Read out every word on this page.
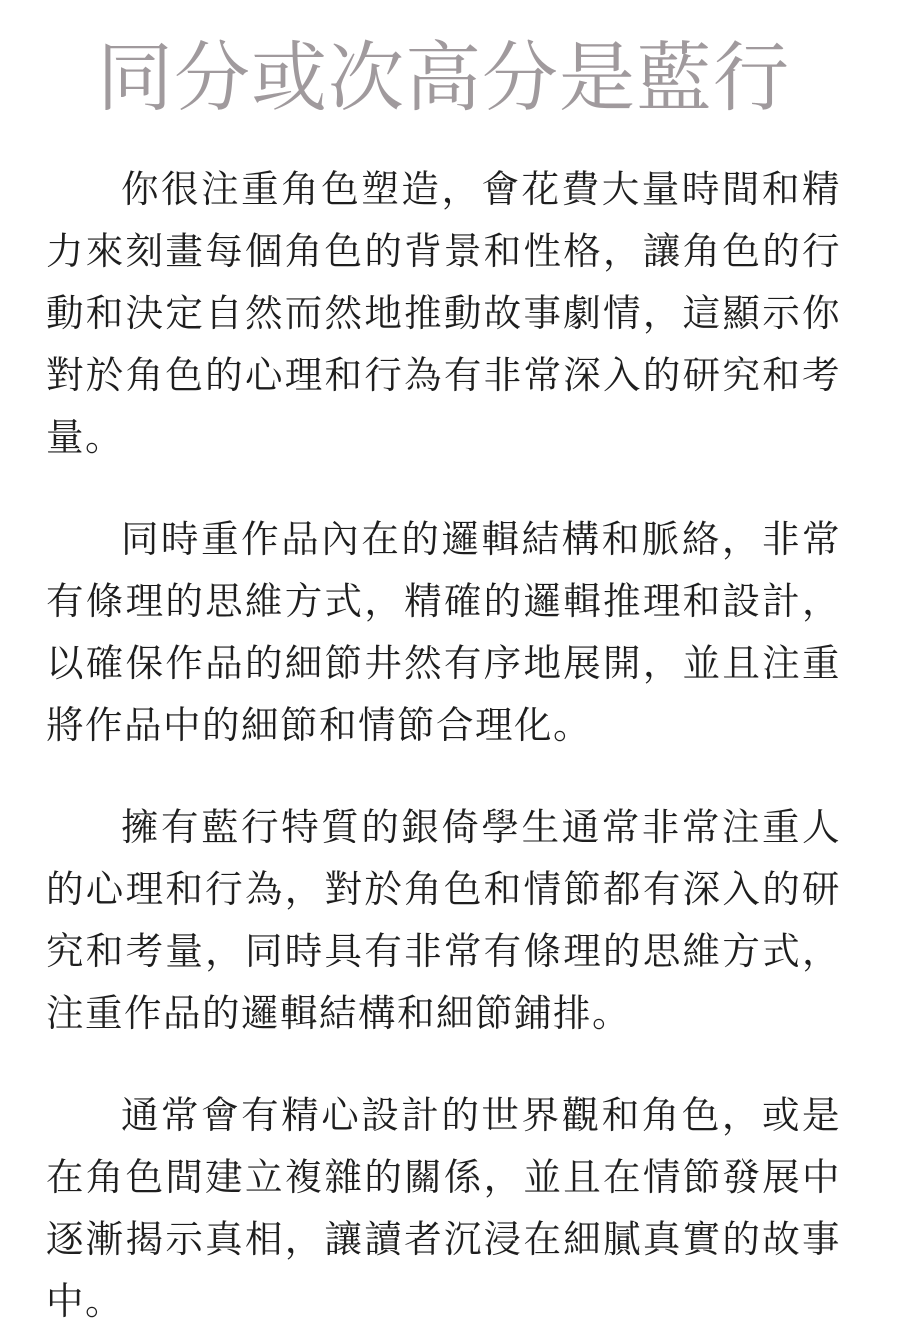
同分或次高分是藍行

你很注重角色塑造，會花費大量時間和精力來刻畫每個角色的背景和性格，讓角色的行動和決定自然而然地推動故事劇情，這顯示你對於角色的心理和行為有非常深入的研究和考量。

同時重作品內在的邏輯結構和脈絡，非常有條理的思維方式，精確的邏輯推理和設計，以確保作品的細節井然有序地展開，並且注重將作品中的細節和情節合理化。

擁有藍行特質的銀倚學生通常非常注重人的心理和行為，對於角色和情節都有深入的研究和考量，同時具有非常有條理的思維方式，注重作品的邏輯結構和細節鋪排。

通常會有精心設計的世界觀和角色，或是在角色間建立複雜的關係，並且在情節發展中逐漸揭示真相，讓讀者沉浸在細膩真實的故事中。
